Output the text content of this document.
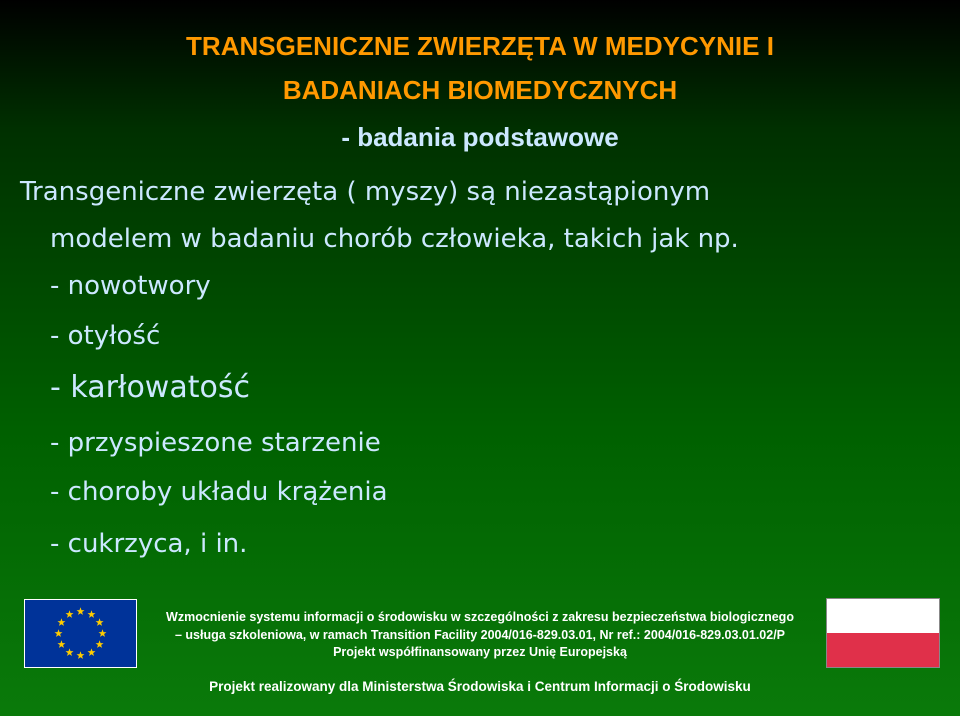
TRANSGENICZNE ZWIERZĘTA W MEDYCYNIE I
BADANIACH BIOMEDYCZNYCH
- badania podstawowe
Transgeniczne zwierzęta ( myszy) są niezastąpionym
modelem w badaniu chorób człowieka, takich jak np.
- nowotwory
- otyłość
- karłowatość
- przyspieszone starzenie
- choroby układu krążenia
- cukrzyca, i in.
Wzmocnienie systemu informacji o środowisku w szczególności z zakresu bezpieczeństwa biologicznego
– usługa szkoleniowa, w ramach Transition Facility 2004/016-829.03.01, Nr ref.: 2004/016-829.03.01.02/P
Projekt współfinansowany przez Unię Europejską
Projekt realizowany dla Ministerstwa Środowiska i Centrum Informacji o Środowisku
